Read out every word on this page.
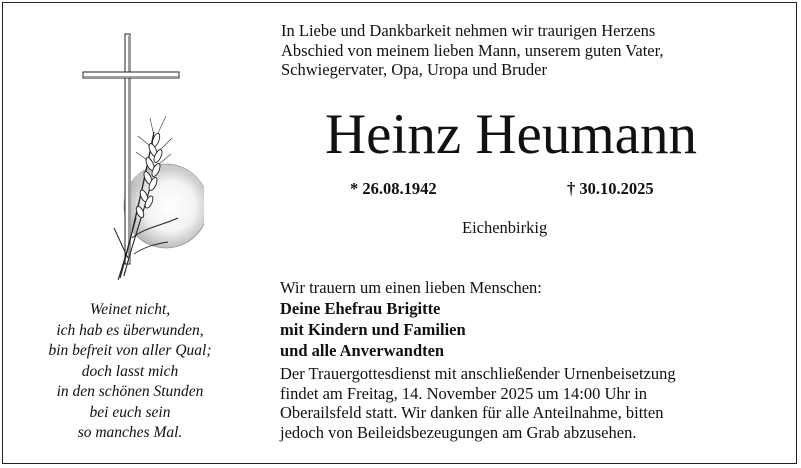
Weinet nicht,
ich hab es überwunden,
bin befreit von aller Qual;
doch lasst mich
in den schönen Stunden
bei euch sein
so manches Mal.
In Liebe und Dankbarkeit nehmen wir traurigen Herzens
Abschied von meinem lieben Mann, unserem guten Vater,
Schwiegervater, Opa, Uropa und Bruder
Heinz Heumann
* 26.08.1942	† 30.10.2025
Eichenbirkig
Wir trauern um einen lieben Menschen:
Deine Ehefrau Brigitte
mit Kindern und Familien
und alle Anverwandten
Der Trauergottesdienst mit anschließender Urnenbeisetzung
findet am Freitag, 14. November 2025 um 14:00 Uhr in
Oberailsfeld statt. Wir danken für alle Anteilnahme, bitten
jedoch von Beileidsbezeugungen am Grab abzusehen.
